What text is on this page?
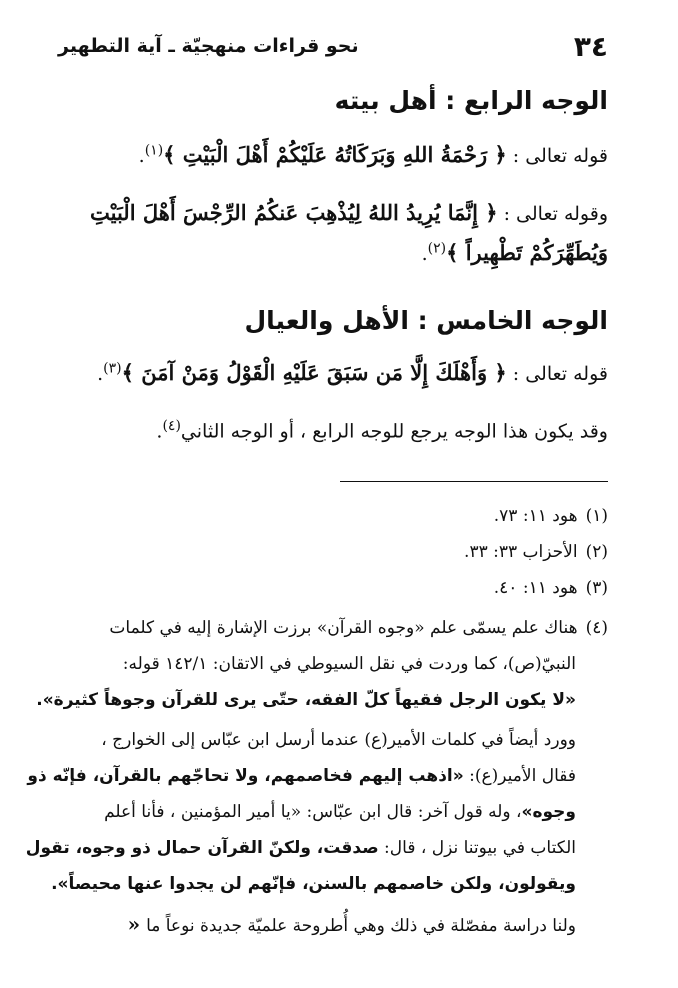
٣٤
نحو قراءات منهجيّة ـ آية التطهير
الوجه الرابع : أهل بيته
قوله تعالى : ﴿ رَحْمَةُ اللهِ وَبَرَكَاتُهُ عَلَيْكُمْ أَهْلَ الْبَيْتِ ﴾$^{(١)}$.
وقوله تعالى : ﴿ إِنَّمَا يُرِيدُ اللهُ لِيُذْهِبَ عَنكُمُ الرِّجْسَ أَهْلَ الْبَيْتِ
وَيُطَهِّرَكُمْ تَطْهِيراً ﴾$^{(٢)}$.
الوجه الخامس : الأهل والعيال
قوله تعالى : ﴿ وَأَهْلَكَ إِلَّا مَن سَبَقَ عَلَيْهِ الْقَوْلُ وَمَنْ آمَنَ ﴾$^{(٣)}$.
وقد يكون هذا الوجه يرجع للوجه الرابع ، أو الوجه الثاني$^{(٤)}$.
(١)هود ١١: ٧٣.
(٢)الأحزاب ٣٣: ٣٣.
(٣)هود ١١: ٤٠.
(٤)هناك علم يسمّى علم «وجوه القرآن» برزت الإشارة إليه في كلمات
النبيّ(ص)، كما وردت في نقل السيوطي في الاتقان: ١٤٢/١ قوله:
«لا يكون الرجل فقيهاً كلّ الفقه، حتّى يرى للقرآن وجوهاً كثيرة».
وورد أيضاً في كلمات الأمير(ع) عندما أرسل ابن عبّاس إلى الخوارج ،
فقال الأمير(ع): «اذهب إليهم فخاصمهم، ولا تحاجّهم بالقرآن، فإنّه ذو
وجوه»، وله قول آخر: قال ابن عبّاس: «يا أمير المؤمنين ، فأنا أعلم
الكتاب في بيوتنا نزل ، قال: صدقت، ولكنّ القرآن حمال ذو وجوه، تقول
ويقولون، ولكن خاصمهم بالسنن، فإنّهم لن يجدوا عنها محيصاً».
ولنا دراسة مفصّلة في ذلك وهي أُطروحة علميّة جديدة نوعاً ما«
